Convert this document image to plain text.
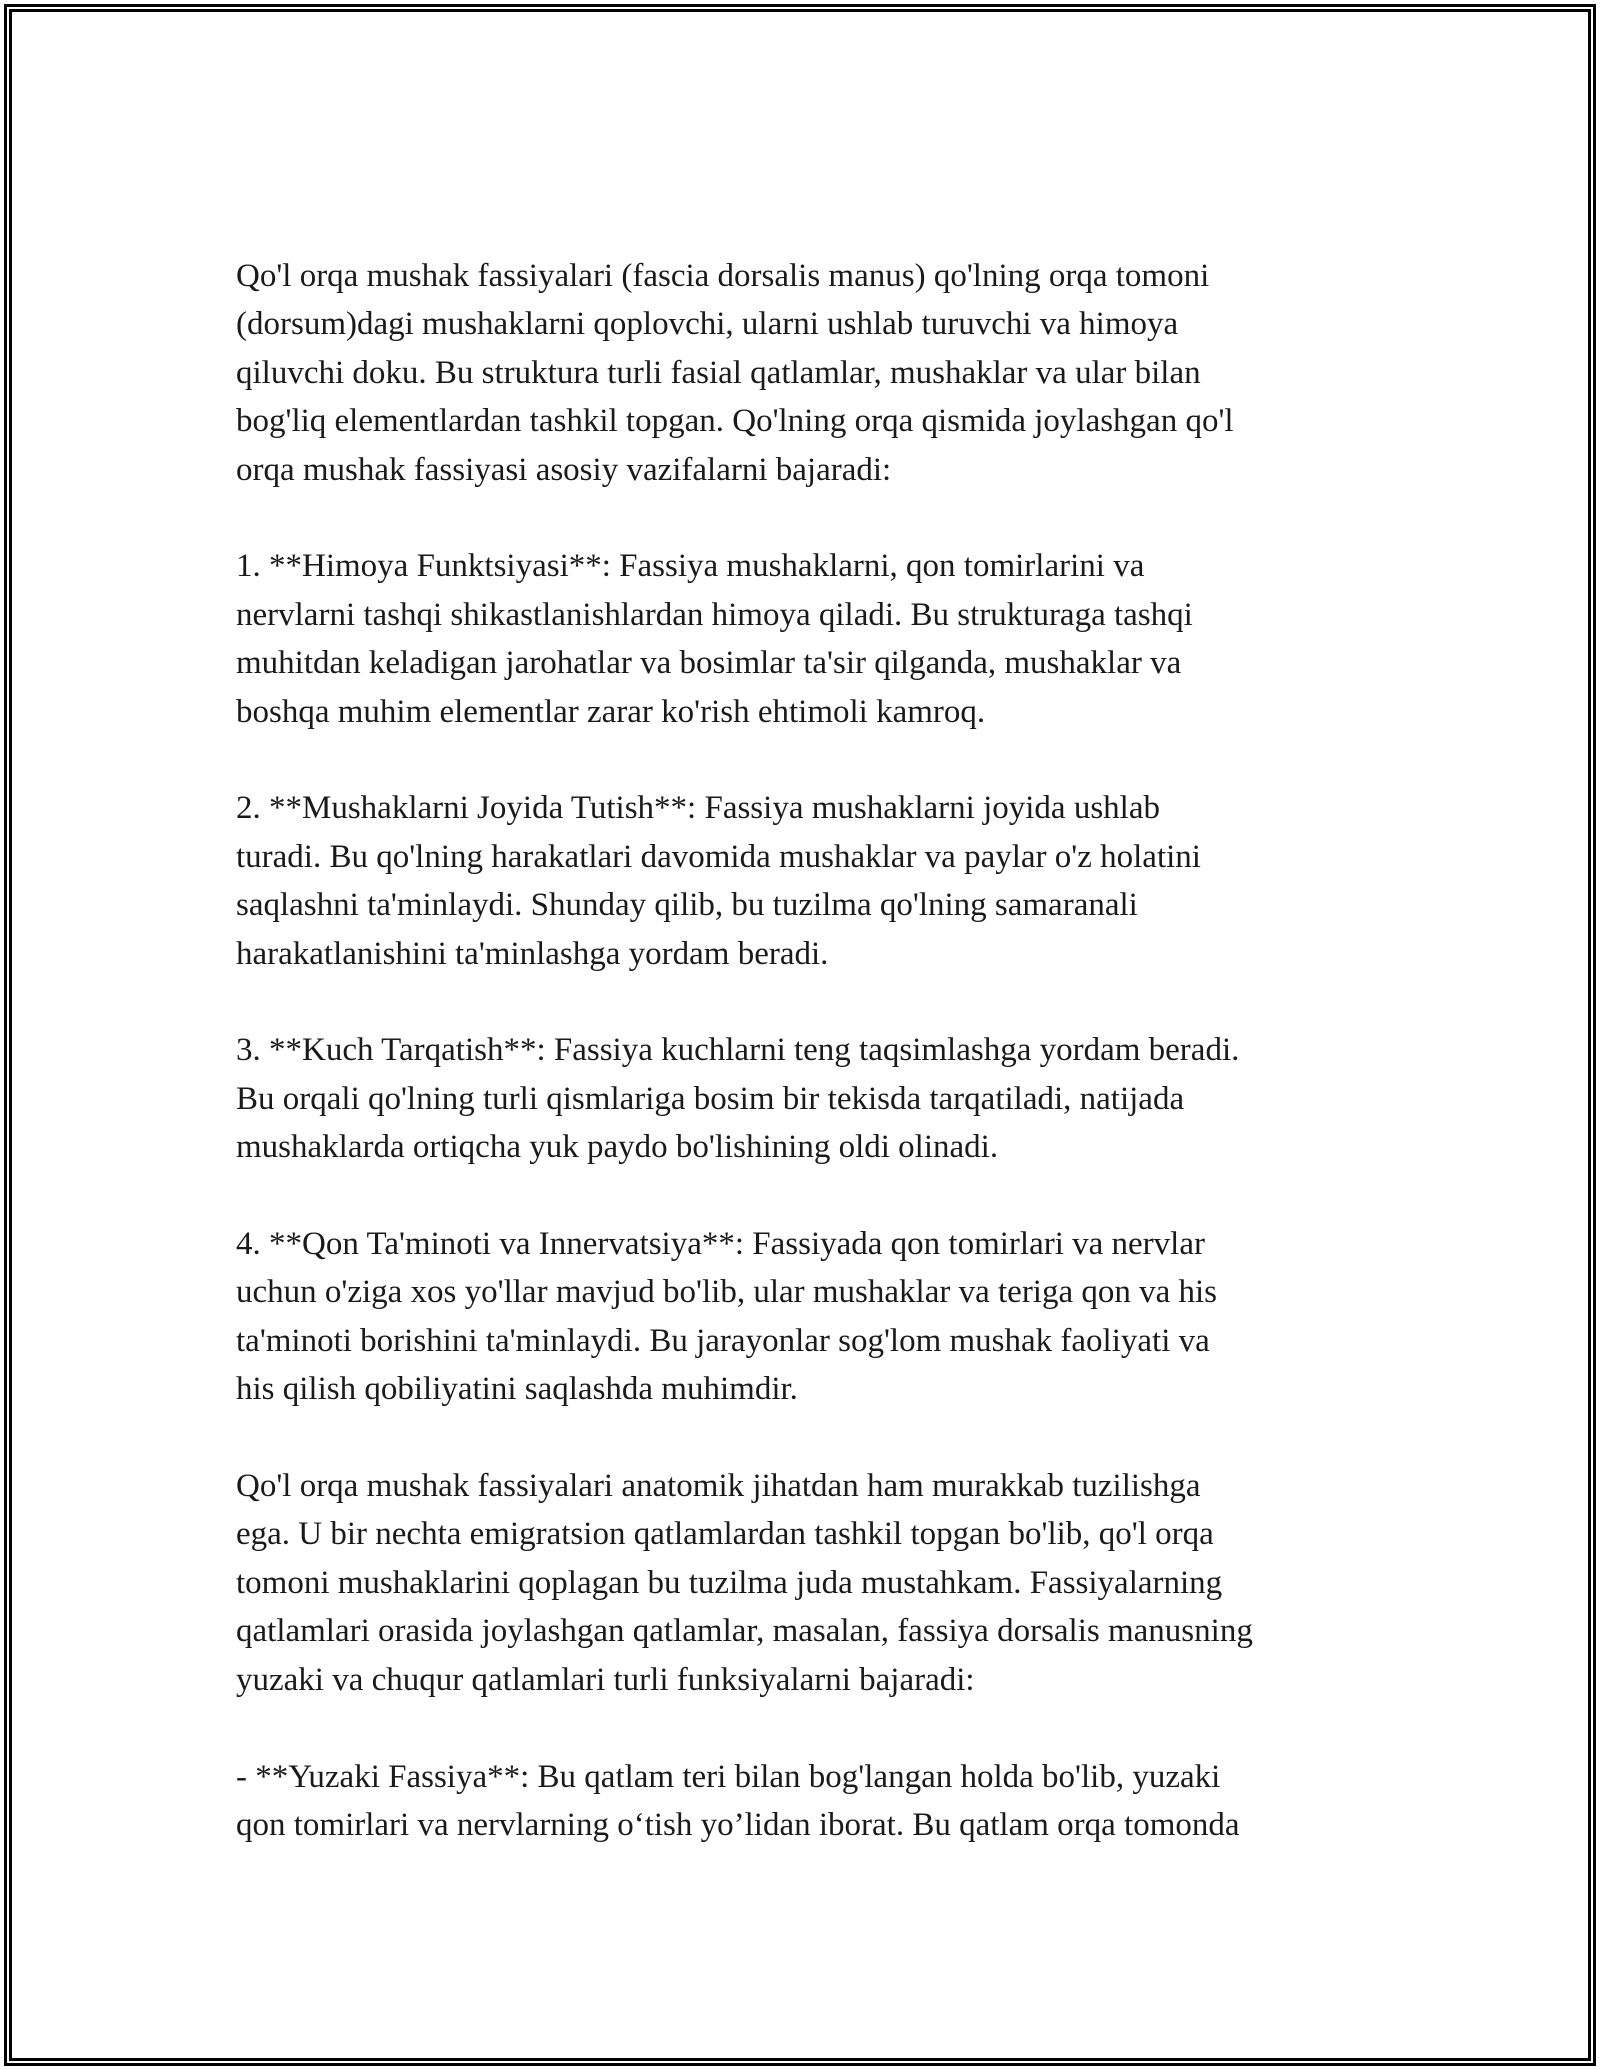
Qo'l orqa mushak fassiyalari (fascia dorsalis manus) qo'lning orqa tomoni
(dorsum)dagi mushaklarni qoplovchi, ularni ushlab turuvchi va himoya
qiluvchi doku. Bu struktura turli fasial qatlamlar, mushaklar va ular bilan
bog'liq elementlardan tashkil topgan. Qo'lning orqa qismida joylashgan qo'l
orqa mushak fassiyasi asosiy vazifalarni bajaradi:

1. **Himoya Funktsiyasi**: Fassiya mushaklarni, qon tomirlarini va
nervlarni tashqi shikastlanishlardan himoya qiladi. Bu strukturaga tashqi
muhitdan keladigan jarohatlar va bosimlar ta'sir qilganda, mushaklar va
boshqa muhim elementlar zarar ko'rish ehtimoli kamroq.

2. **Mushaklarni Joyida Tutish**: Fassiya mushaklarni joyida ushlab
turadi. Bu qo'lning harakatlari davomida mushaklar va paylar o'z holatini
saqlashni ta'minlaydi. Shunday qilib, bu tuzilma qo'lning samaranali
harakatlanishini ta'minlashga yordam beradi.

3. **Kuch Tarqatish**: Fassiya kuchlarni teng taqsimlashga yordam beradi.
Bu orqali qo'lning turli qismlariga bosim bir tekisda tarqatiladi, natijada
mushaklarda ortiqcha yuk paydo bo'lishining oldi olinadi.

4. **Qon Ta'minoti va Innervatsiya**: Fassiyada qon tomirlari va nervlar
uchun o'ziga xos yo'llar mavjud bo'lib, ular mushaklar va teriga qon va his
ta'minoti borishini ta'minlaydi. Bu jarayonlar sog'lom mushak faoliyati va
his qilish qobiliyatini saqlashda muhimdir.

Qo'l orqa mushak fassiyalari anatomik jihatdan ham murakkab tuzilishga
ega. U bir nechta emigratsion qatlamlardan tashkil topgan bo'lib, qo'l orqa
tomoni mushaklarini qoplagan bu tuzilma juda mustahkam. Fassiyalarning
qatlamlari orasida joylashgan qatlamlar, masalan, fassiya dorsalis manusning
yuzaki va chuqur qatlamlari turli funksiyalarni bajaradi:

- **Yuzaki Fassiya**: Bu qatlam teri bilan bog'langan holda bo'lib, yuzaki
qon tomirlari va nervlarning o‘tish yo’lidan iborat. Bu qatlam orqa tomonda
